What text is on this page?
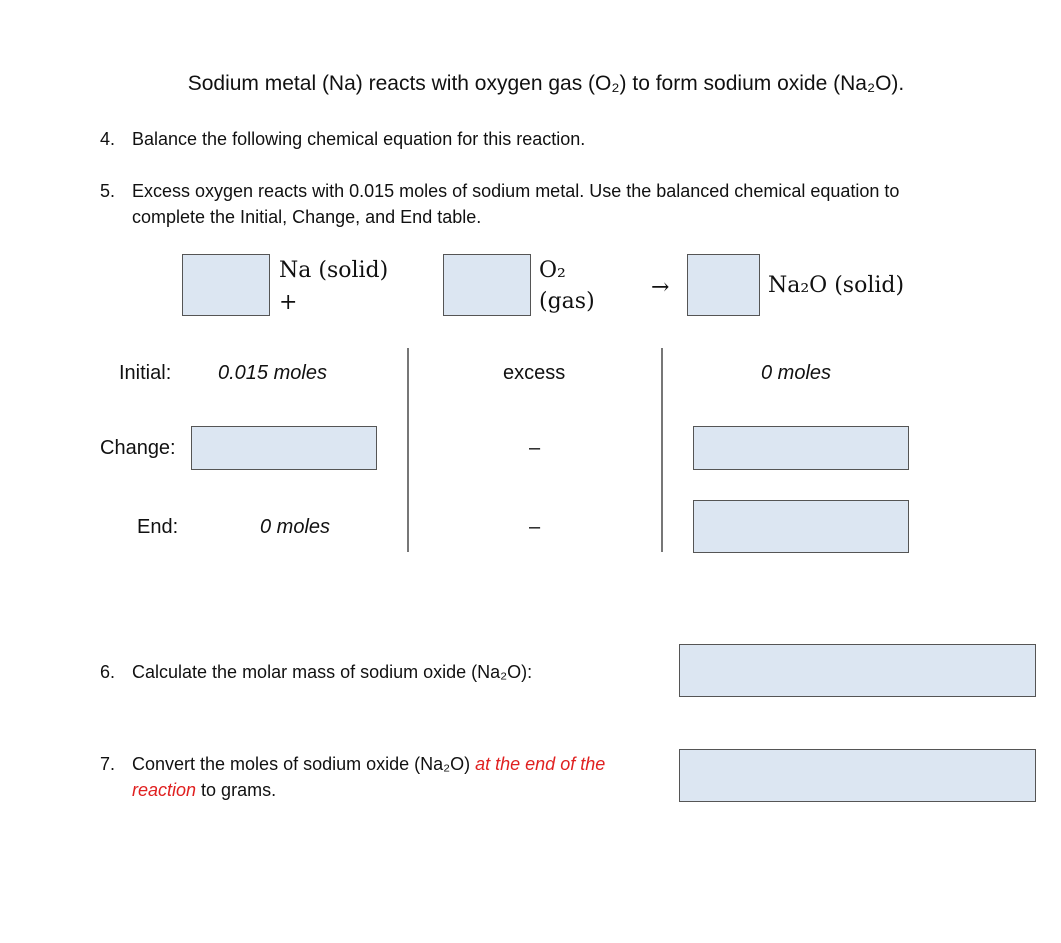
Sodium metal (Na) reacts with oxygen gas (O₂) to form sodium oxide (Na₂O).
4. Balance the following chemical equation for this reaction.
5. Excess oxygen reacts with 0.015 moles of sodium metal. Use the balanced chemical equation to
complete the Initial, Change, and End table.
Na (solid)
+
O₂
(gas)
→	Na₂O (solid)
Initial:
Change:
End:
0.015 moles
0 moles
excess
–
–
0 moles
6. Calculate the molar mass of sodium oxide (Na₂O):
7. Convert the moles of sodium oxide (Na₂O) at the end of the
reaction to grams.
